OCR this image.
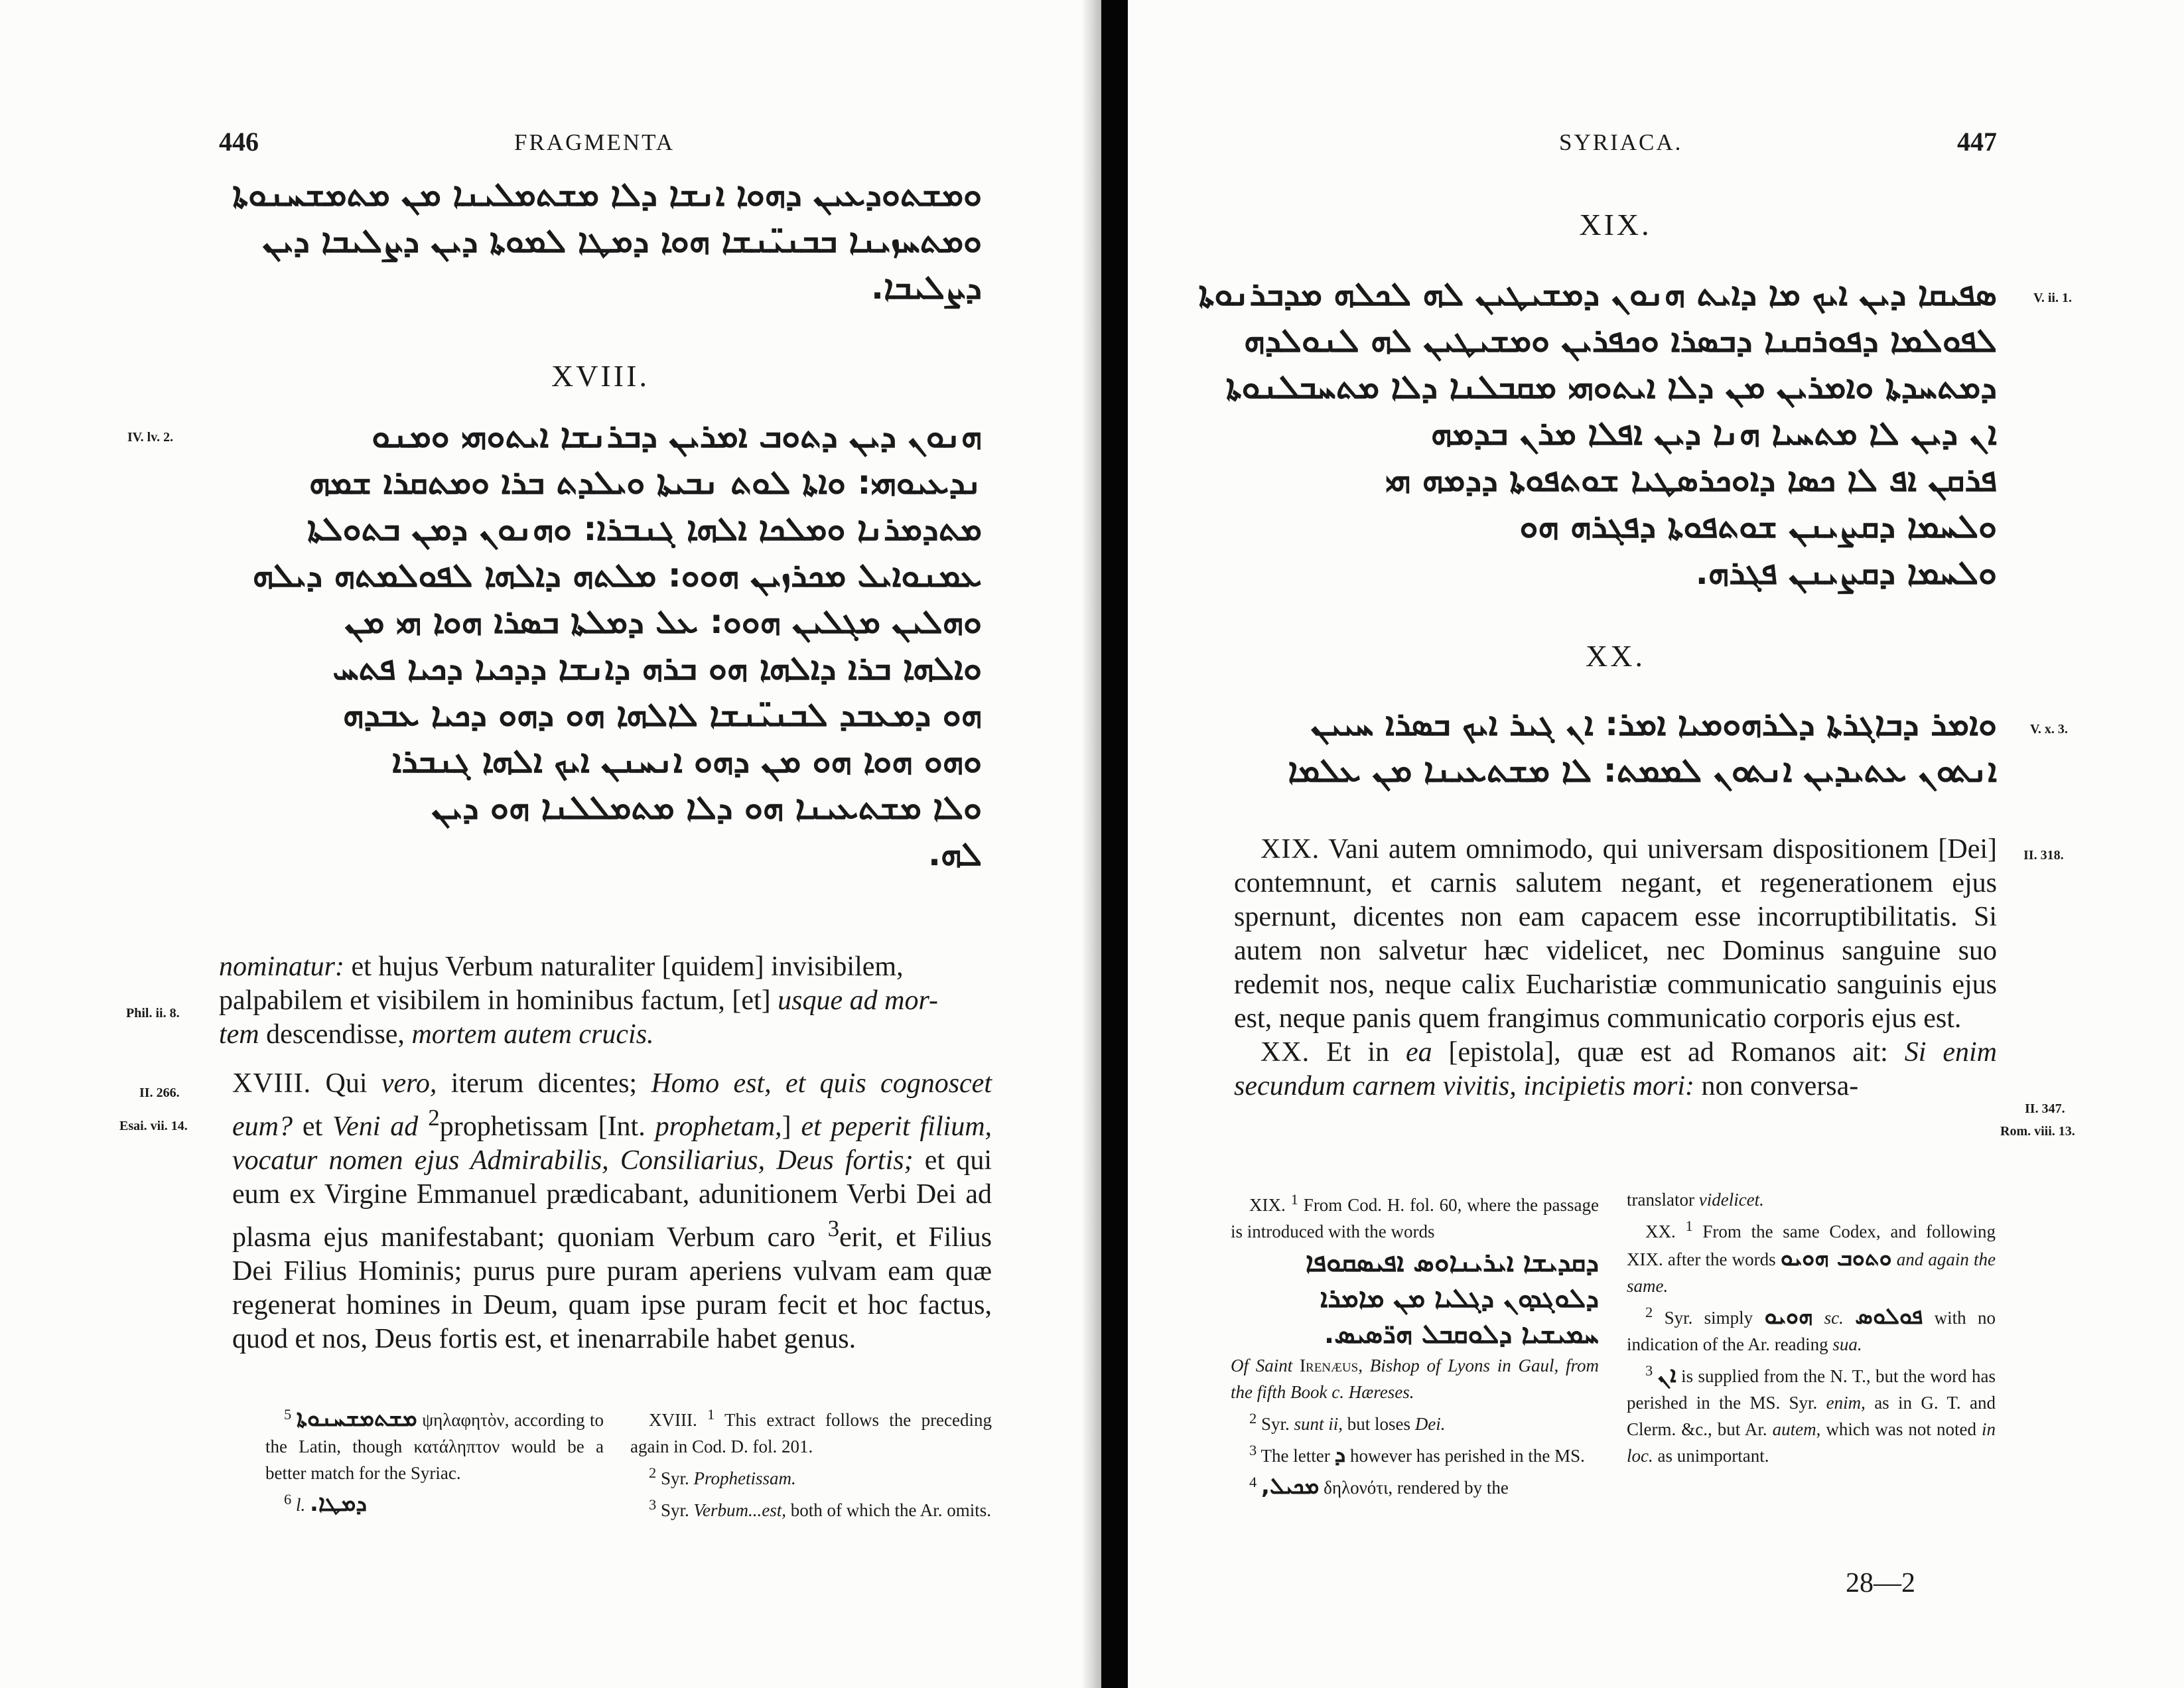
446	FRAGMENTA
ܘܡܫܬܘܕܥܝܢ ܕܗܘܐ ܐܢܫܐ ܕܠܐ ܡܫܬܡܠܝܢܐ ܡܢ ܡܬܡܫܚܢܘܬܐ
ܘܡܬܚܙܝܢܐ ܒܒܢܝ̈ܢܫܐ ܗܘܐ ܕܡܛܐ ܠܡܘܬܐ ܕܝܢ ܕܨܠܝܒܐ ܕܝܢ
ܕܨܠܝܒܐ.
XVIII.
IV. lv. 2.	ܗܢܘܢ ܕܝܢ ܕܬܘܒ ܐܡܪܝܢ ܕܒܪܢܫܐ ܐܝܬܘܗܝ ܘܡܢܘ
ܢܕܥܝܘܗܝ: ܘܐܬܐ ܠܘܬ ܢܒܝܬܐ ܘܝܠܕܬ ܒܪܐ ܘܡܬܩܪܐ ܫܡܗ
ܡܬܕܡܪܢܐ ܘܡܠܟܐ ܐܠܗܐ ܓܢܒܪܐ: ܘܗܢܘܢ ܕܡܢ ܒܬܘܠܬܐ
ܥܡܢܘܐܝܠ ܡܟܪܙܝܢ ܗܘܘ: ܡܠܬܗ ܕܐܠܗܐ ܠܦܘܠܡܬܗ ܕܝܠܗ
ܘܗܠܝܢ ܡܓܠܝܢ ܗܘܘ: ܥܠ ܕܡܠܬܐ ܒܣܪܐ ܗܘܐ ܗܝ ܡܢ
ܘܐܠܗܐ ܒܪܐ ܕܐܠܗܐ ܗܘ ܒܪܗ ܕܐܢܫܐ ܕܕܟܝܐ ܕܟܝܐ ܦܬܚ
ܗܘ ܕܡܥܒܕ ܠܒܢܝ̈ܢܫܐ ܠܐܠܗܐ ܗܘ ܕܗܘ ܕܟܝܐ ܥܒܕܗ
ܘܗܘ ܗܘܐ ܗܘ ܡܢ ܕܗܘ ܐܢܚܢܢ ܐܝܟ ܐܠܗܐ ܓܢܒܪܐ
ܘܠܐ ܡܫܬܥܝܢܐ ܗܘ ܕܠܐ ܡܬܡܠܠܢܐ ܗܘ ܕܝܢ
ܠܗ.

nominatur: et hujus Verbum naturaliter [quidem] invisibilem,

palpabilem et visibilem in hominibus factum, [et] usque ad mor-

tem descendisse, mortem autem crucis.

Phil. ii. 8.
II. 266.
Esai. vii. 14.

XVIII. Qui vero, iterum dicentes; Homo est, et quis cognoscet eum? et Veni ad $^2$prophetissam [Int. prophetam,] et peperit filium, vocatur nomen ejus Admirabilis, Consiliarius, Deus fortis; et qui eum ex Virgine Emmanuel prædicabant, adunitionem Verbi Dei ad plasma ejus manifestabant; quoniam Verbum caro $^3$erit, et Filius Dei Filius Hominis; purus pure puram aperiens vulvam eam quæ regenerat homines in Deum, quam ipse puram fecit et hoc factus, quod et nos, Deus fortis est, et inenarrabile habet genus.

$^5$ ܡܫܬܡܫܚܢܘܬܐ ψηλαφητὸν, according to the Latin, though κατάληπτον would be a better match for the Syriac.

$^6$ l. ܕܡܛܐ.

XVIII. $^1$ This extract follows the preceding again in Cod. D. fol. 201.

$^2$ Syr. Prophetissam.

$^3$ Syr. Verbum...est, both of which the Ar. omits.

SYRIACA.	447
XIX.
V. ii. 1.
ܣܦܝܩܐ ܕܝܢ ܐܝܟ ܡܐ ܕܐܝܬ ܗܢܘܢ ܕܡܫܝܛܝܢ ܠܗ ܠܟܠܗ ܡܕܒܪܢܘܬܐ
ܠܦܘܠܡܐ ܕܦܘܪܩܢܐ ܕܒܣܪܐ ܘܟܦܪܝܢ ܘܡܫܝܛܝܢ ܠܗ ܠܢܘܠܕܗ
ܕܡܬܚܕܬܐ ܘܐܡܪܝܢ ܡܢ ܕܠܐ ܐܝܬܘܗܝ ܡܩܒܠܢܐ ܕܠܐ ܡܬܚܒܠܢܘܬܐ
ܐܢ ܕܝܢ ܠܐ ܡܬܚܝܐ ܗܢܐ ܕܝܢ ܐܦܠܐ ܡܪܢ ܒܕܡܗ
ܦܪܩܢ ܐܦ ܠܐ ܟܣܐ ܕܐܘܟܪܣܛܝܐ ܫܘܬܦܘܬܐ ܕܕܡܗ ܗܝ
ܘܠܚܡܐ ܕܩܨܝܢܢ ܫܘܬܦܘܬܐ ܕܦܓܪܗ ܗܘ
ܘܠܚܡܐ ܕܩܨܝܢܢ ܦܓܪܗ.
XX.
V. x. 3.
ܘܐܡܪ ܕܒܐܓܪܬܐ ܕܠܪܗܘܡܝܐ ܐܡܪ: ܐܢ ܓܝܪ ܐܝܟ ܒܣܪܐ ܚܝܝܢ
ܐܢܬܘܢ ܥܬܝܕܝܢ ܐܢܬܘܢ ܠܡܡܬ: ܠܐ ܡܫܬܥܝܢܐ ܡܢ ܥܠܡܐ
II. 318.

XIX. Vani autem omnimodo, qui universam dispositionem [Dei] contemnunt, et carnis salutem negant, et regenerationem ejus spernunt, dicentes non eam capacem esse incorruptibilitatis. Si autem non salvetur hæc videlicet, nec Dominus sanguine suo redemit nos, neque calix Eucharistiæ communicatio sanguinis ejus est, neque panis quem frangimus communicatio corporis ejus est.

XX. Et in ea [epistola], quæ est ad Romanos ait: Si enim secundum carnem vivitis, incipietis mori: non conversa-

II. 347.
Rom. viii. 13.

XIX. $^1$ From Cod. H. fol. 60, where the passage is introduced with the words

ܕܩܕܝܫܐ ܐܝܪܝܢܐܘܣ ܐܦܝܣܩܘܦܐ
ܕܠܘܓܕܘܢ ܕܓܠܝܐ ܡܢ ܡܐܡܪܐ
ܚܡܝܫܝܐ ܕܠܘܩܒܠ ܗܪ̈ܣܝܣ.

Of Saint Irenæus, Bishop of Lyons in Gaul, from the fifth Book c. Hæreses.

$^2$ Syr. sunt ii, but loses Dei.

$^3$ The letter ܕ however has perished in the MS.

$^4$ ܡܟܝܠ, δηλονότι, rendered by the

translator videlicet.

XX. $^1$ From the same Codex, and following XIX. after the words ܘܬܘܒ ܗܘܝܘ and again the same.

$^2$ Syr. simply ܗܘܝܘ sc. ܦܘܠܘܣ with no indication of the Ar. reading sua.

$^3$ ܐܢ is supplied from the N. T., but the word has perished in the MS. Syr. enim, as in G. T. and Clerm. &c., but Ar. autem, which was not noted in loc. as unimportant.

28—2
